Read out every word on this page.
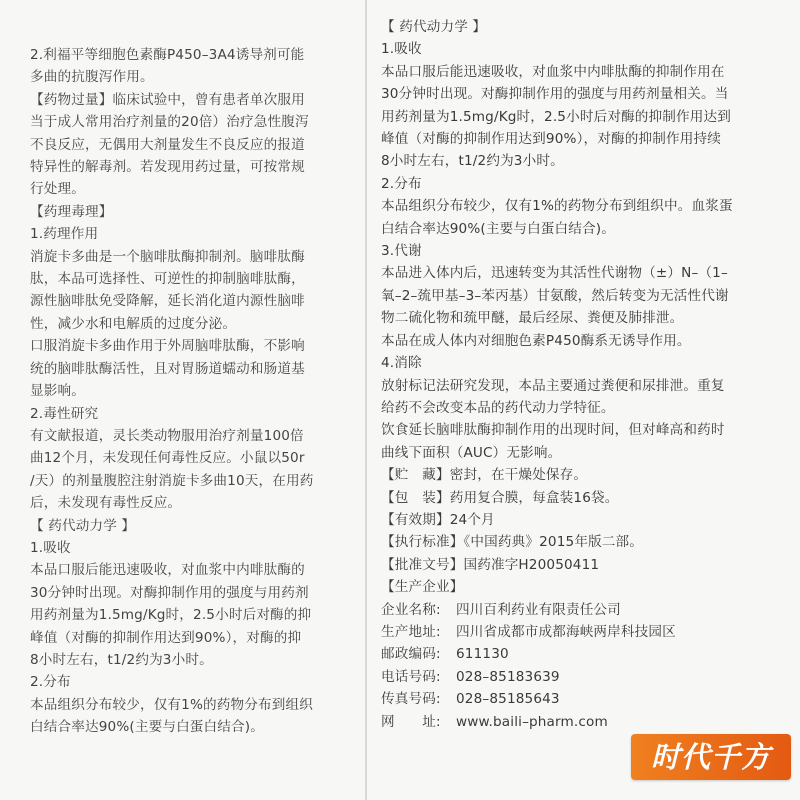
2.利福平等细胞色素酶P450–3A4诱导剂可能
多曲的抗腹泻作用。
【药物过量】临床试验中，曾有患者单次服用
当于成人常用治疗剂量的20倍）治疗急性腹泻
不良反应，无偶用大剂量发生不良反应的报道
特异性的解毒剂。若发现用药过量，可按常规
行处理。
【药理毒理】
1.药理作用
消旋卡多曲是一个脑啡肽酶抑制剂。脑啡肽酶
肽，本品可选择性、可逆性的抑制脑啡肽酶，
源性脑啡肽免受降解，延长消化道内源性脑啡
性，减少水和电解质的过度分泌。
口服消旋卡多曲作用于外周脑啡肽酶，不影响
统的脑啡肽酶活性，且对胃肠道蠕动和肠道基
显影响。
2.毒性研究
有文献报道，灵长类动物服用治疗剂量100倍
曲12个月，未发现任何毒性反应。小鼠以50r
/天）的剂量腹腔注射消旋卡多曲10天，在用药
后，未发现有毒性反应。
【 药代动力学 】
1.吸收
本品口服后能迅速吸收，对血浆中内啡肽酶的
30分钟时出现。对酶抑制作用的强度与用药剂
用药剂量为1.5mg/Kg时，2.5小时后对酶的抑
峰值（对酶的抑制作用达到90%），对酶的抑
8小时左右，t1/2约为3小时。
2.分布
本品组织分布较少，仅有1%的药物分布到组织
白结合率达90%(主要与白蛋白结合)。
【 药代动力学 】
1.吸收
本品口服后能迅速吸收，对血浆中内啡肽酶的抑制作用在
30分钟时出现。对酶抑制作用的强度与用药剂量相关。当
用药剂量为1.5mg/Kg时，2.5小时后对酶的抑制作用达到
峰值（对酶的抑制作用达到90%），对酶的抑制作用持续
8小时左右，t1/2约为3小时。
2.分布
本品组织分布较少，仅有1%的药物分布到组织中。血浆蛋
白结合率达90%(主要与白蛋白结合)。
3.代谢
本品进入体内后，迅速转变为其活性代谢物（±）N–（1–
氧–2–巯甲基–3–苯丙基）甘氨酸，然后转变为无活性代谢
物二硫化物和巯甲醚，最后经尿、粪便及肺排泄。
本品在成人体内对细胞色素P450酶系无诱导作用。
4.消除
放射标记法研究发现，本品主要通过粪便和尿排泄。重复
给药不会改变本品的药代动力学特征。
饮食延长脑啡肽酶抑制作用的出现时间，但对峰高和药时
曲线下面积（AUC）无影响。
【贮　藏】密封，在干燥处保存。
【包　装】药用复合膜，每盒装16袋。
【有效期】24个月
【执行标准】《中国药典》2015年版二部。
【批准文号】国药准字H20050411
【生产企业】
企业名称: 四川百利药业有限责任公司
生产地址: 四川省成都市成都海峡两岸科技园区
邮政编码: 611130
电话号码: 028–85183639
传真号码: 028–85185643
网　　址: www.baili–pharm.com
时代千方
